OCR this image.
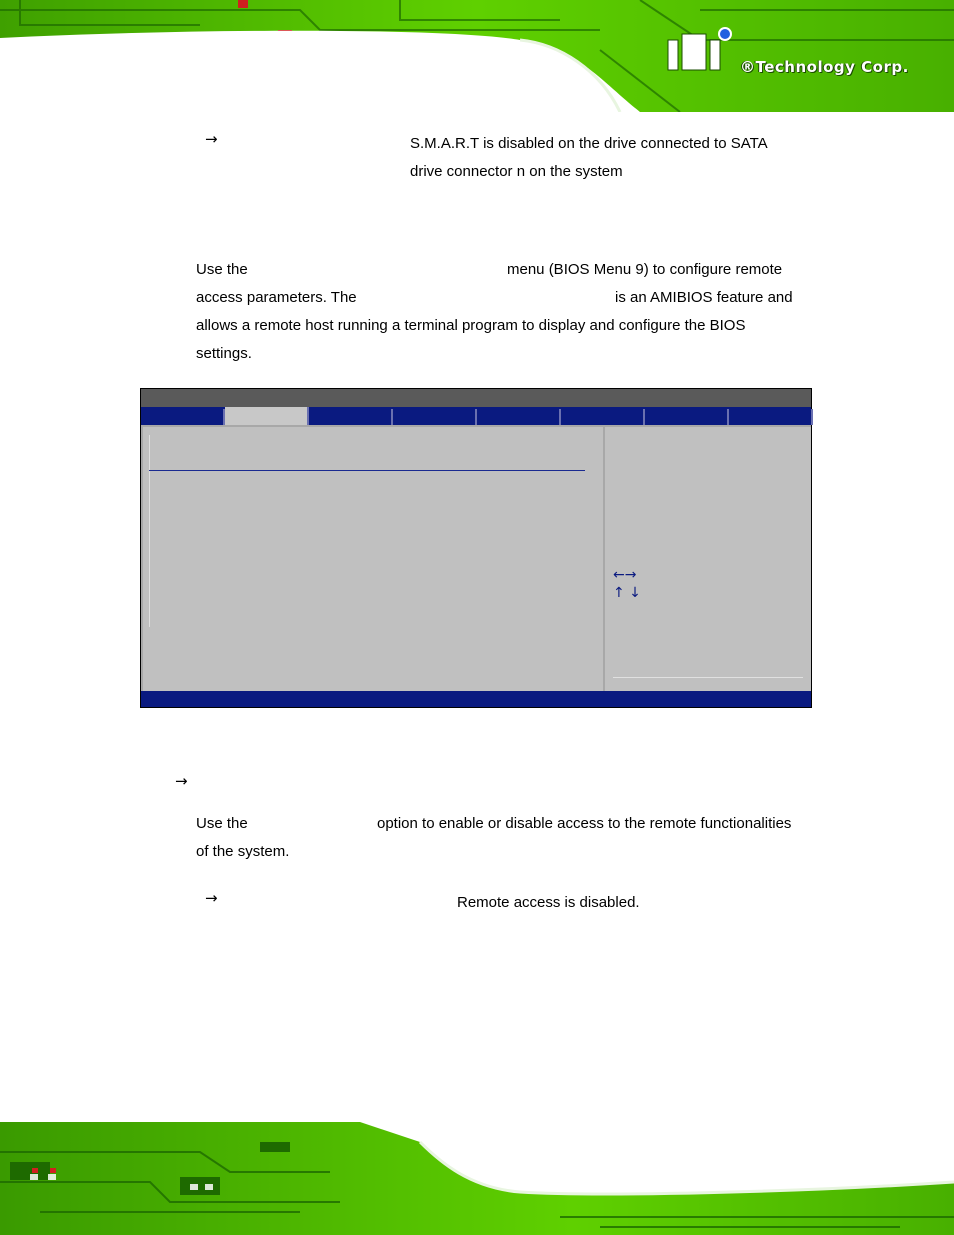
®Technology Corp.
→	S.M.A.R.T is disabled on the drive connected to SATA
drive connector n on the system
Use the	menu (BIOS Menu 9) to configure remote
access parameters. The	is an AMIBIOS feature and
allows a remote host running a terminal program to display and configure the BIOS
settings.
←→
↑ ↓
→
Use the	option to enable or disable access to the remote functionalities
of the system.
→	Remote access is disabled.
